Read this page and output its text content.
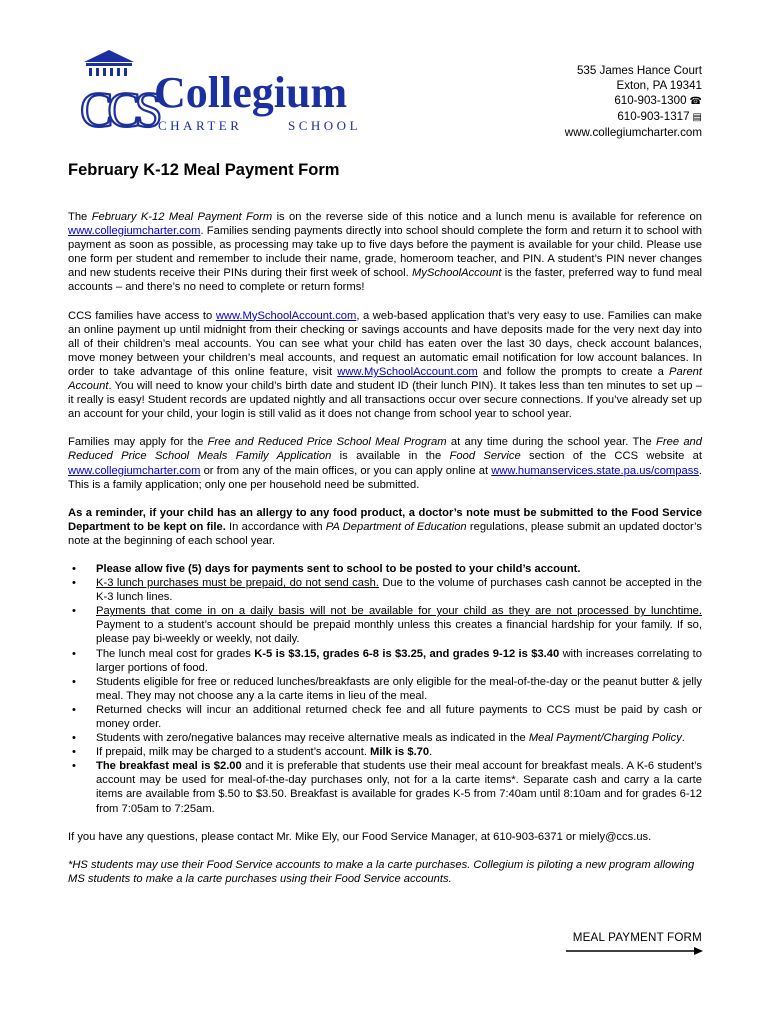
CCS
Collegium
CHARTER	SCHOOL
535 James Hance Court
Exton, PA 19341
610-903-1300 ☎
610-903-1317 ▤
www.collegiumcharter.com
February K-12 Meal Payment Form

The February K-12 Meal Payment Form is on the reverse side of this notice and a lunch menu is available for reference on www.collegiumcharter.com. Families sending payments directly into school should complete the form and return it to school with payment as soon as possible, as processing may take up to five days before the payment is available for your child. Please use one form per student and remember to include their name, grade, homeroom teacher, and PIN. A student’s PIN never changes and new students receive their PINs during their first week of school. MySchoolAccount is the faster, preferred way to fund meal accounts – and there’s no need to complete or return forms!

CCS families have access to www.MySchoolAccount.com, a web-based application that’s very easy to use. Families can make an online payment up until midnight from their checking or savings accounts and have deposits made for the very next day into all of their children’s meal accounts. You can see what your child has eaten over the last 30 days, check account balances, move money between your children’s meal accounts, and request an automatic email notification for low account balances. In order to take advantage of this online feature, visit www.MySchoolAccount.com and follow the prompts to create a Parent Account. You will need to know your child’s birth date and student ID (their lunch PIN). It takes less than ten minutes to set up – it really is easy! Student records are updated nightly and all transactions occur over secure connections. If you’ve already set up an account for your child, your login is still valid as it does not change from school year to school year.

Families may apply for the Free and Reduced Price School Meal Program at any time during the school year. The Free and Reduced Price School Meals Family Application is available in the Food Service section of the CCS website at www.collegiumcharter.com or from any of the main offices, or you can apply online at www.humanservices.state.pa.us/compass. This is a family application; only one per household need be submitted.

As a reminder, if your child has an allergy to any food product, a doctor’s note must be submitted to the Food Service Department to be kept on file. In accordance with PA Department of Education regulations, please submit an updated doctor’s note at the beginning of each school year.

• Please allow five (5) days for payments sent to school to be posted to your child’s account.
• K-3 lunch purchases must be prepaid, do not send cash. Due to the volume of purchases cash cannot be accepted in the K-3 lunch lines.
• Payments that come in on a daily basis will not be available for your child as they are not processed by lunchtime. Payment to a student’s account should be prepaid monthly unless this creates a financial hardship for your family. If so, please pay bi-weekly or weekly, not daily.
• The lunch meal cost for grades K-5 is $3.15, grades 6-8 is $3.25, and grades 9-12 is $3.40 with increases correlating to larger portions of food.
• Students eligible for free or reduced lunches/breakfasts are only eligible for the meal-of-the-day or the peanut butter & jelly meal. They may not choose any a la carte items in lieu of the meal.
• Returned checks will incur an additional returned check fee and all future payments to CCS must be paid by cash or money order.
• Students with zero/negative balances may receive alternative meals as indicated in the Meal Payment/Charging Policy.
• If prepaid, milk may be charged to a student’s account. Milk is $.70.
• The breakfast meal is $2.00 and it is preferable that students use their meal account for breakfast meals. A K-6 student’s account may be used for meal-of-the-day purchases only, not for a la carte items*. Separate cash and carry a la carte items are available from $.50 to $3.50. Breakfast is available for grades K-5 from 7:40am until 8:10am and for grades 6-12 from 7:05am to 7:25am.

If you have any questions, please contact Mr. Mike Ely, our Food Service Manager, at 610-903-6371 or miely@ccs.us.

*HS students may use their Food Service accounts to make a la carte purchases. Collegium is piloting a new program allowing MS students to make a la carte purchases using their Food Service accounts.

MEAL PAYMENT FORM
